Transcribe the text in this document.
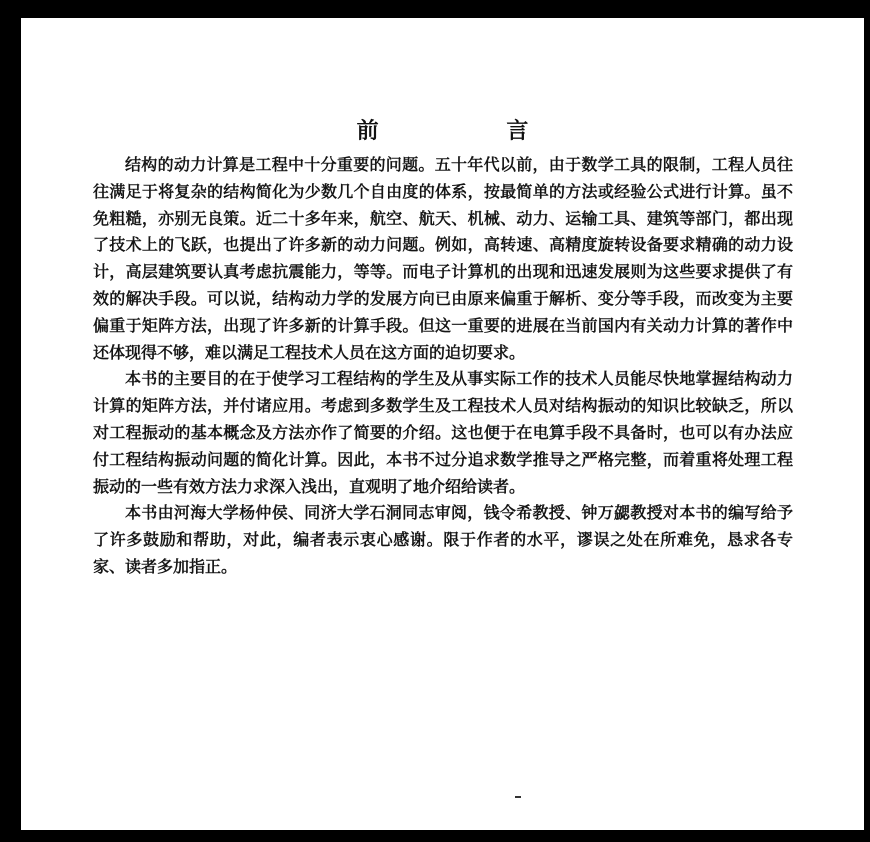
前 言

结构的动力计算是工程中十分重要的问题。五十年代以前，由于数学工具的限制，工程人员往往满足于将复杂的结构简化为少数几个自由度的体系，按最简单的方法或经验公式进行计算。虽不免粗糙，亦别无良策。近二十多年来，航空、航天、机械、动力、运输工具、建筑等部门，都出现了技术上的飞跃，也提出了许多新的动力问题。例如，高转速、高精度旋转设备要求精确的动力设计，高层建筑要认真考虑抗震能力，等等。而电子计算机的出现和迅速发展则为这些要求提供了有效的解决手段。可以说，结构动力学的发展方向已由原来偏重于解析、变分等手段，而改变为主要偏重于矩阵方法，出现了许多新的计算手段。但这一重要的进展在当前国内有关动力计算的著作中还体现得不够，难以满足工程技术人员在这方面的迫切要求。

本书的主要目的在于使学习工程结构的学生及从事实际工作的技术人员能尽快地掌握结构动力计算的矩阵方法，并付诸应用。考虑到多数学生及工程技术人员对结构振动的知识比较缺乏，所以对工程振动的基本概念及方法亦作了简要的介绍。这也便于在电算手段不具备时，也可以有办法应付工程结构振动问题的简化计算。因此，本书不过分追求数学推导之严格完整，而着重将处理工程振动的一些有效方法力求深入浅出，直观明了地介绍给读者。

本书由河海大学杨仲侯、同济大学石洞同志审阅，钱令希教授、钟万勰教授对本书的编写给予了许多鼓励和帮助，对此，编者表示衷心感谢。限于作者的水平，谬误之处在所难免，恳求各专家、读者多加指正。
